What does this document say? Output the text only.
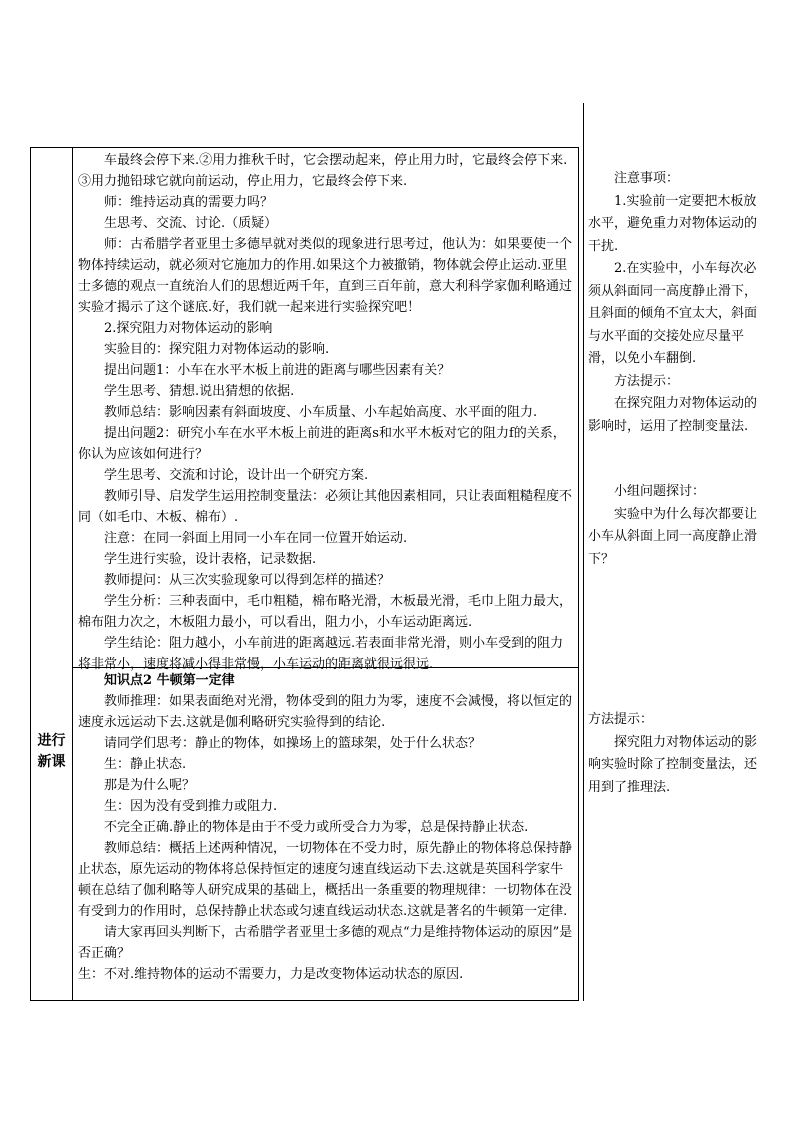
进行新课

车最终会停下来.②用力推秋千时，它会摆动起来，停止用力时，它最终会停下来.③用力抛铅球它就向前运动，停止用力，它最终会停下来.

师：维持运动真的需要力吗？

生思考、交流、讨论.（质疑）

师：古希腊学者亚里士多德早就对类似的现象进行思考过，他认为：如果要使一个物体持续运动，就必须对它施加力的作用.如果这个力被撤销，物体就会停止运动.亚里士多德的观点一直统治人们的思想近两千年，直到三百年前，意大利科学家伽利略通过实验才揭示了这个谜底.好，我们就一起来进行实验探究吧！

2.探究阻力对物体运动的影响

实验目的：探究阻力对物体运动的影响.

提出问题1：小车在水平木板上前进的距离与哪些因素有关？

学生思考、猜想.说出猜想的依据.

教师总结：影响因素有斜面坡度、小车质量、小车起始高度、水平面的阻力.

提出问题2：研究小车在水平木板上前进的距离s和水平木板对它的阻力f的关系，你认为应该如何进行？

学生思考、交流和讨论，设计出一个研究方案.

教师引导、启发学生运用控制变量法：必须让其他因素相同，只让表面粗糙程度不同（如毛巾、木板、棉布）.

注意：在同一斜面上用同一小车在同一位置开始运动.

学生进行实验，设计表格，记录数据.

教师提问：从三次实验现象可以得到怎样的描述？

学生分析：三种表面中，毛巾粗糙，棉布略光滑，木板最光滑，毛巾上阻力最大，棉布阻力次之，木板阻力最小，可以看出，阻力小，小车运动距离远.

学生结论：阻力越小，小车前进的距离越远.若表面非常光滑，则小车受到的阻力将非常小，速度将减小得非常慢，小车运动的距离就很远很远.

知识点2 牛顿第一定律

教师推理：如果表面绝对光滑，物体受到的阻力为零，速度不会减慢，将以恒定的速度永远运动下去.这就是伽利略研究实验得到的结论.

请同学们思考：静止的物体，如操场上的篮球架，处于什么状态？

生：静止状态.

那是为什么呢？

生：因为没有受到推力或阻力.

不完全正确.静止的物体是由于不受力或所受合力为零，总是保持静止状态.

教师总结：概括上述两种情况，一切物体在不受力时，原先静止的物体将总保持静止状态，原先运动的物体将总保持恒定的速度匀速直线运动下去.这就是英国科学家牛顿在总结了伽利略等人研究成果的基础上，概括出一条重要的物理规律：一切物体在没有受到力的作用时，总保持静止状态或匀速直线运动状态.这就是著名的牛顿第一定律.

请大家再回头判断下，古希腊学者亚里士多德的观点“力是维持物体运动的原因”是否正确？

生：不对.维持物体的运动不需要力，力是改变物体运动状态的原因.

注意事项：

1.实验前一定要把木板放水平，避免重力对物体运动的干扰.

2.在实验中，小车每次必须从斜面同一高度静止滑下，且斜面的倾角不宜太大，斜面与水平面的交接处应尽量平滑，以免小车翻倒.

方法提示：

在探究阻力对物体运动的影响时，运用了控制变量法.

小组问题探讨：

实验中为什么每次都要让小车从斜面上同一高度静止滑下？

方法提示：

探究阻力对物体运动的影响实验时除了控制变量法，还用到了推理法.
